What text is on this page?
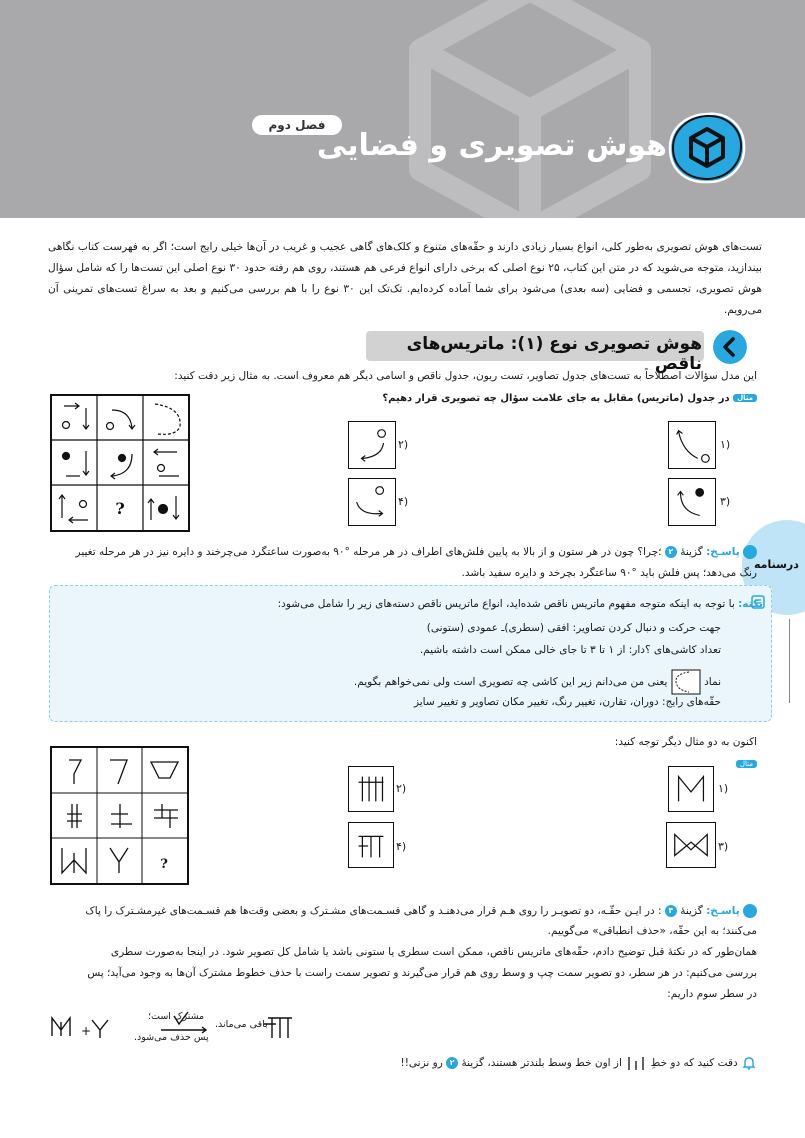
فصل دوم
هوش تصویری و فضایی
تست‌های هوش تصویری به‌طور کلی، انواع بسیار زیادی دارند و حقّه‌های متنوع و کلک‌های گاهی عجیب و غریب در آن‌ها خیلی رایج است؛ اگر به فهرست کتاب نگاهی بیندازید، متوجه می‌شوید که در متن این کتاب، ۲۵ نوع اصلی که برخی دارای انواع فرعی هم هستند، روی هم رفته حدود ۳۰ نوع اصلی این تست‌ها را که شامل سؤال هوش تصویری، تجسمی و فضایی (سه بعدی) می‌شود برای شما آماده کرده‌ایم. تک‌تک این ۳۰ نوع را با هم بررسی می‌کنیم و بعد به سراغ تست‌های تمرینی آن می‌رویم.
هوش تصویری نوع (۱): ماتریس‌های ناقص
این مدل سؤالات اصطلاحاً به تست‌های جدول تصاویر، تست ریون، جدول ناقص و اسامی دیگر هم معروف است. به مثال زیر دقت کنید:
مثال در جدول (ماتریس) مقابل به جای علامت سؤال چه تصویری قرار دهیم؟
?
۲)	۱)
۴)	۳)
درسنامه
پاسـخ: گزینهٔ ۲ ؛چرا؟ چون در هر ستون و از بالا به پایین فلش‌های اطراف در هر مرحله °۹۰ به‌صورت ساعتگرد می‌چرخند و دایره نیز در هر مرحله تغییر
رنگ می‌دهد؛ پس فلش باید °۹۰ ساعتگرد بچرخد و دایره سفید باشد.
نکته: با توجه به اینکه متوجه مفهوم ماتریس ناقص شده‌اید، انواع ماتریس ناقص دسته‌های زیر را شامل می‌شود:
جهت حرکت و دنبال کردن تصاویر: افقی (سطری)ـ عمودی (ستونی)
تعداد کاشی‌های ؟دار: از ۱ تا ۳ تا جای خالی ممکن است داشته باشیم.
نماد  یعنی من می‌دانم زیر این کاشی چه تصویری است ولی نمی‌خواهم بگویم.
حقّه‌های رایج: دوران، تقارن، تغییر رنگ، تغییر مکان تصاویر و تغییر سایز
اکنون به دو مثال دیگر توجه کنید:
مثال
?
۲)	۱)
۴)	۳)
پاسـخ: گزینهٔ ۴ : در ایـن حقّـه، دو تصویـر را روی هـم قرار می‌دهنـد و گاهی قسـمت‌های مشـترک و بعضی وقت‌ها هم قسـمت‌های غیرمشـترک را پاک
می‌کنند؛ به این حقّه، «حذف انطباقی» می‌گوییم.
همان‌طور که در نکتهٔ قبل توضیح دادم، حقّه‌های ماتریس ناقص، ممکن است سطری یا ستونی باشد یا شامل کل تصویر شود. در اینجا به‌صورت سطری
بررسی می‌کنیم: در هر سطر، دو تصویر سمت چپ و وسط روی هم قرار می‌گیرند و تصویر سمت راست با حذف خطوط مشترک آن‌ها به وجود می‌آید؛ پس
در سطر سوم داریم:
+
مشترک است؛
پس حذف می‌شود.
باقی می‌ماند.
دقت کنید که دو خطِ  از اون خط وسط بلندتر هستند، گزینهٔ ۲ رو نزنی!!
